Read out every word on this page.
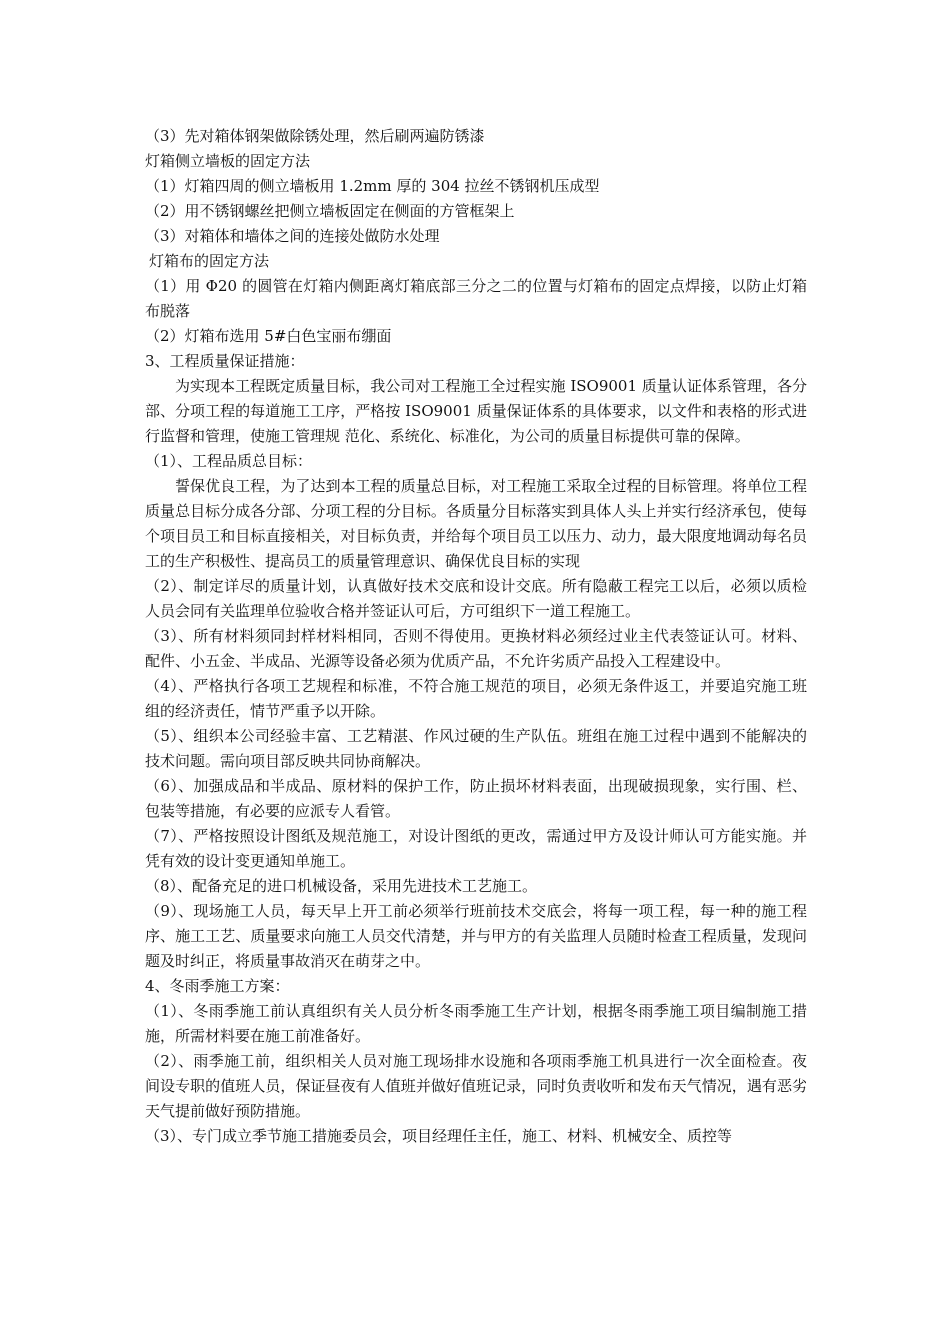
（3）先对箱体钢架做除锈处理，然后刷两遍防锈漆
灯箱侧立墙板的固定方法
（1）灯箱四周的侧立墙板用 1.2mm 厚的 304 拉丝不锈钢机压成型
（2）用不锈钢螺丝把侧立墙板固定在侧面的方管框架上
（3）对箱体和墙体之间的连接处做防水处理
灯箱布的固定方法
（1）用 Φ20 的圆管在灯箱内侧距离灯箱底部三分之二的位置与灯箱布的固定点焊接，以防止灯箱布脱落
（2）灯箱布选用 5#白色宝丽布绷面
3、工程质量保证措施：
为实现本工程既定质量目标，我公司对工程施工全过程实施 ISO9001 质量认证体系管理，各分部、分项工程的每道施工工序，严格按 ISO9001 质量保证体系的具体要求，以文件和表格的形式进行监督和管理，使施工管理规 范化、系统化、标准化，为公司的质量目标提供可靠的保障。
（1）、工程品质总目标：
誓保优良工程，为了达到本工程的质量总目标，对工程施工采取全过程的目标管理。将单位工程质量总目标分成各分部、分项工程的分目标。各质量分目标落实到具体人头上并实行经济承包，使每个项目员工和目标直接相关，对目标负责，并给每个项目员工以压力、动力，最大限度地调动每名员工的生产积极性、提高员工的质量管理意识、确保优良目标的实现
（2）、制定详尽的质量计划，认真做好技术交底和设计交底。所有隐蔽工程完工以后，必须以质检人员会同有关监理单位验收合格并签证认可后，方可组织下一道工程施工。
（3）、所有材料须同封样材料相同，否则不得使用。更换材料必须经过业主代表签证认可。材料、配件、小五金、半成品、光源等设备必须为优质产品，不允许劣质产品投入工程建设中。
（4）、严格执行各项工艺规程和标准，不符合施工规范的项目，必须无条件返工，并要追究施工班组的经济责任，情节严重予以开除。
（5）、组织本公司经验丰富、工艺精湛、作风过硬的生产队伍。班组在施工过程中遇到不能解决的技术问题。需向项目部反映共同协商解决。
（6）、加强成品和半成品、原材料的保护工作，防止损坏材料表面，出现破损现象，实行围、栏、包装等措施，有必要的应派专人看管。
（7）、严格按照设计图纸及规范施工，对设计图纸的更改，需通过甲方及设计师认可方能实施。并凭有效的设计变更通知单施工。
（8）、配备充足的进口机械设备，采用先进技术工艺施工。
（9）、现场施工人员，每天早上开工前必须举行班前技术交底会，将每一项工程，每一种的施工程序、施工工艺、质量要求向施工人员交代清楚，并与甲方的有关监理人员随时检查工程质量，发现问题及时纠正，将质量事故消灭在萌芽之中。
4、冬雨季施工方案：
（1）、冬雨季施工前认真组织有关人员分析冬雨季施工生产计划，根据冬雨季施工项目编制施工措施，所需材料要在施工前准备好。
（2）、雨季施工前，组织相关人员对施工现场排水设施和各项雨季施工机具进行一次全面检查。夜间设专职的值班人员，保证昼夜有人值班并做好值班记录，同时负责收听和发布天气情况，遇有恶劣天气提前做好预防措施。
（3）、专门成立季节施工措施委员会，项目经理任主任，施工、材料、机械安全、质控等
